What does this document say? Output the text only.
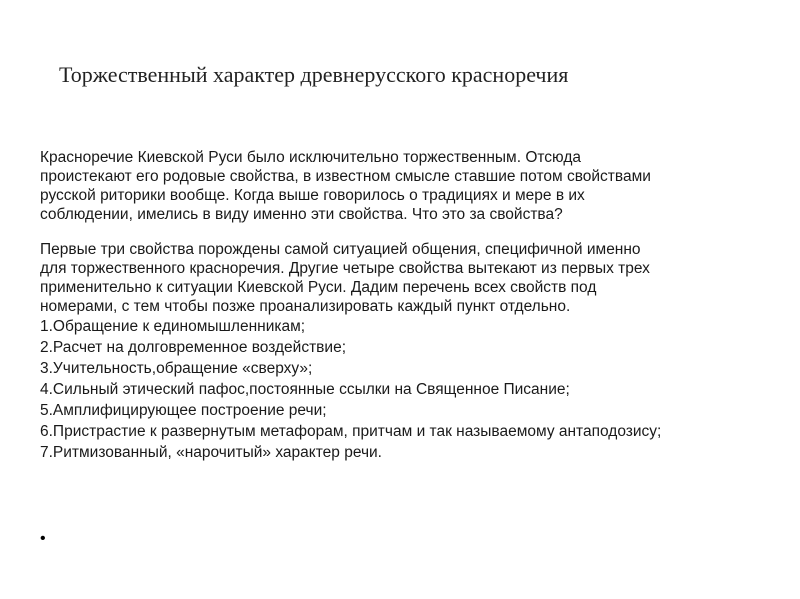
Торжественный характер древнерусского красноречия

Красноречие Киевской Руси было исключительно торжественным. Отсюда
проистекают его родовые свойства, в известном смысле ставшие потом свойствами
русской риторики вообще. Когда выше говорилось о традициях и мере в их
соблюдении, имелись в виду именно эти свойства. Что это за свойства?

Первые три свойства порождены самой ситуацией общения, специфичной именно
для торжественного красноречия. Другие четыре свойства вытекают из первых трех
применительно к ситуации Киевской Руси. Дадим перечень всех свойств под
номерами, с тем чтобы позже проанализировать каждый пункт отдельно.
1.Обращение к единомышленникам;
2.Расчет на долговременное воздействие;
3.Учительность,обращение «сверху»;
4.Сильный этический пафос,постоянные ссылки на Священное Писание;
5.Амплифицирующее построение речи;
6.Пристрастие к развернутым метафорам, притчам и так называемому антаподозису;
7.Ритмизованный, «нарочитый» характер речи.
•
